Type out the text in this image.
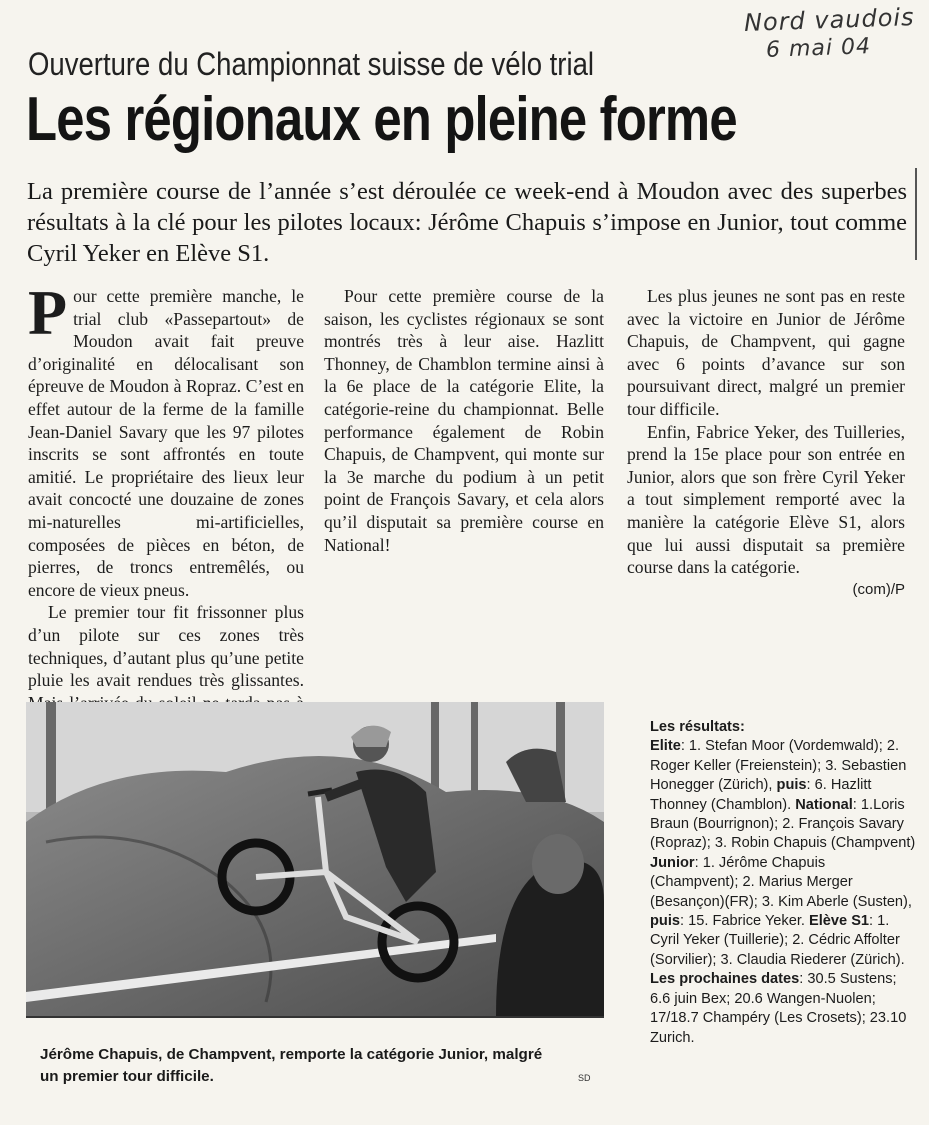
Nord vaudois
6 mai 04
Ouverture du Championnat suisse de vélo trial
Les régionaux en pleine forme
La première course de l’année s’est déroulée ce week-end à Moudon avec des superbes résultats à la clé pour les pilotes locaux: Jérôme Chapuis s’impose en Junior, tout comme Cyril Yeker en Elève S1.

Pour cette première manche, le trial club «Passepartout» de Moudon avait fait preuve d’originalité en délocalisant son épreuve de Moudon à Ropraz. C’est en effet autour de la ferme de la famille Jean-Daniel Savary que les 97 pilotes inscrits se sont affrontés en toute amitié. Le propriétaire des lieux leur avait concocté une douzaine de zones mi-naturelles mi-artificielles, composées de pièces en béton, de pierres, de troncs entremêlés, ou encore de vieux pneus.

Le premier tour fit frissonner plus d’un pilote sur ces zones très techniques, d’autant plus qu’une petite pluie les avait rendues très glissantes.

Pour cette première course de la saison, les cyclistes régionaux se sont montrés très à leur aise. Hazlitt Thonney, de Chamblon termine ainsi à la 6e place de la catégorie Elite, la catégorie-reine du championnat. Belle performance également de Robin Chapuis, de Champvent, qui monte sur la 3e marche du podium à un petit point de François Savary, et cela alors qu’il disputait sa première course en National!

Les plus jeunes ne sont pas en reste avec la victoire en Junior de Jérôme Chapuis, de Champvent, qui gagne avec 6 points d’avance sur son poursuivant direct, malgré un premier tour difficile.

Enfin, Fabrice Yeker, des Tuilleries, prend la 15e place pour son entrée en Junior, alors que son frère Cyril Yeker a tout simplement remporté avec la manière la catégorie Elève S1, alors que lui aussi disputait sa première course dans la catégorie.

(com)/P

Jérôme Chapuis, de Champvent, remporte la catégorie Junior, malgré un premier tour difficile.	SD

Les résultats:

Elite: 1. Stefan Moor (Vordemwald); 2. Roger Keller (Freienstein); 3. Sebastien Honegger (Zürich), puis: 6. Hazlitt Thonney (Chamblon). National: 1.Loris Braun (Bourrignon); 2. François Savary (Ropraz); 3. Robin Chapuis (Champvent) Junior: 1. Jérôme Chapuis (Champvent); 2. Marius Merger (Besançon)(FR); 3. Kim Aberle (Susten), puis: 15. Fabrice Yeker. Elève S1: 1. Cyril Yeker (Tuillerie); 2. Cédric Affolter (Sorvilier); 3. Claudia Riederer (Zürich). Les prochaines dates: 30.5 Sustens; 6.6 juin Bex; 20.6 Wangen-Nuolen; 17/18.7 Champéry (Les Crosets); 23.10 Zurich.
